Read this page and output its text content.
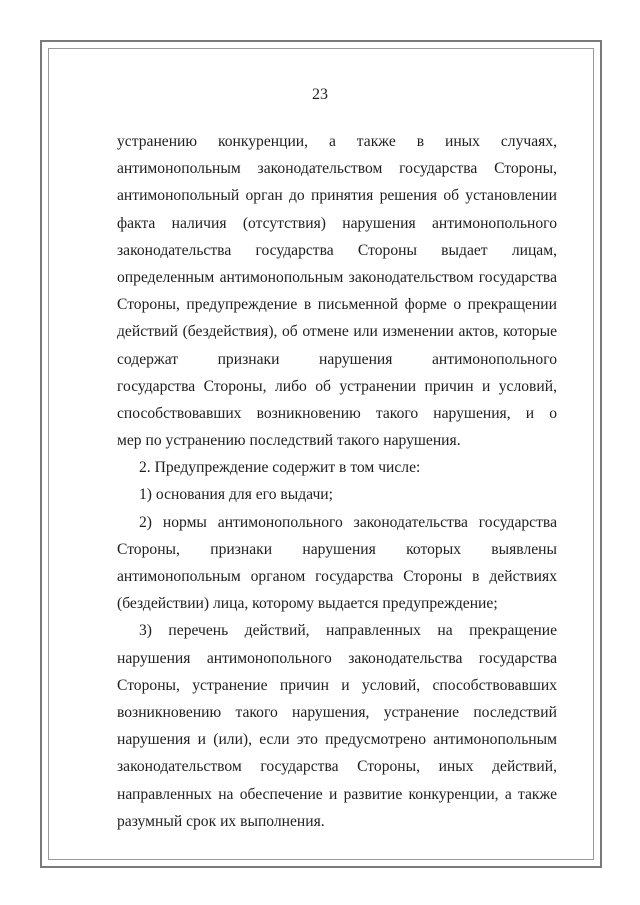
23
устранению конкуренции, а также в иных случаях,
антимонопольным законодательством государства Стороны,
антимонопольный орган до принятия решения об установлении
факта наличия (отсутствия) нарушения антимонопольного
законодательства государства Стороны выдает лицам,
определенным антимонопольным законодательством государства
Стороны, предупреждение в письменной форме о прекращении
действий (бездействия), об отмене или изменении актов, которые
содержат признаки нарушения антимонопольного
государства Стороны, либо об устранении причин и условий,
способствовавших возникновению такого нарушения, и о
мер по устранению последствий такого нарушения.
2. Предупреждение содержит в том числе:
1) основания для его выдачи;
2) нормы антимонопольного законодательства государства
Стороны, признаки нарушения которых выявлены
антимонопольным органом государства Стороны в действиях
(бездействии) лица, которому выдается предупреждение;
3) перечень действий, направленных на прекращение
нарушения антимонопольного законодательства государства
Стороны, устранение причин и условий, способствовавших
возникновению такого нарушения, устранение последствий
нарушения и (или), если это предусмотрено антимонопольным
законодательством государства Стороны, иных действий,
направленных на обеспечение и развитие конкуренции, а также
разумный срок их выполнения.
